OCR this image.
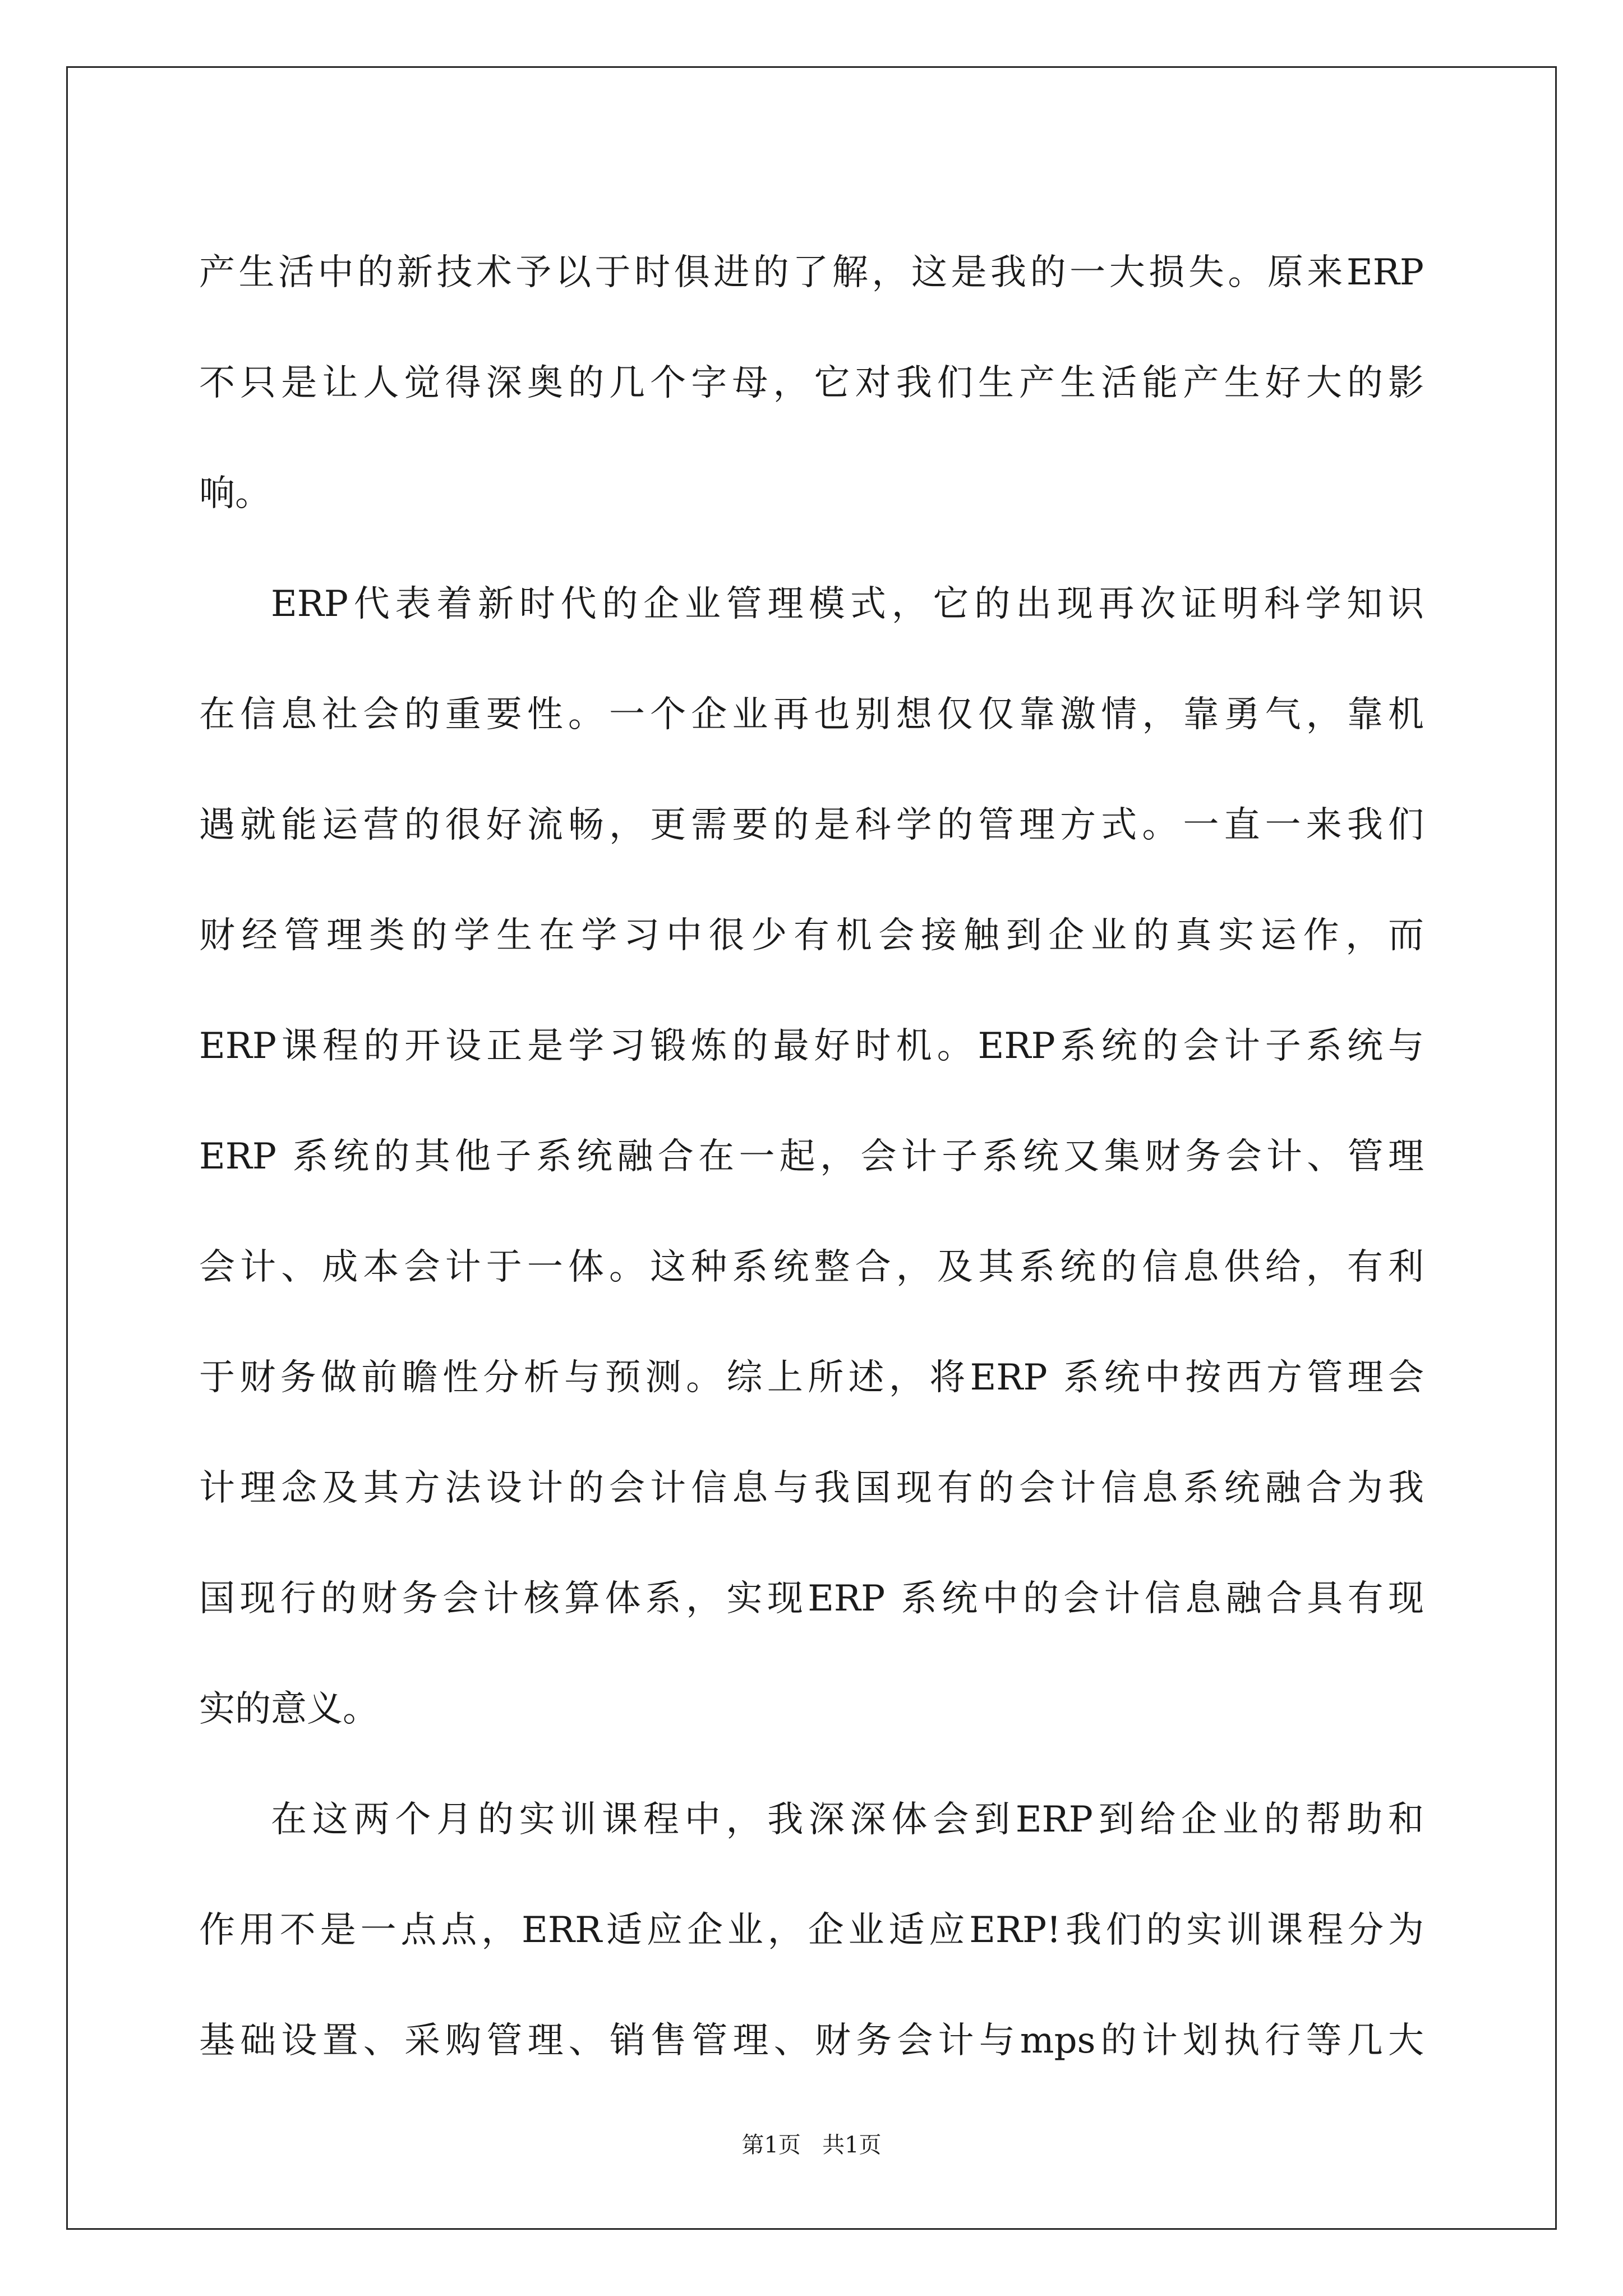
产生活中的新技术予以于时俱进的了解，这是我的一大损失。原来ERP
不只是让人觉得深奥的几个字母，它对我们生产生活能产生好大的影
响。
ERP代表着新时代的企业管理模式，它的出现再次证明科学知识
在信息社会的重要性。一个企业再也别想仅仅靠激情，靠勇气，靠机
遇就能运营的很好流畅，更需要的是科学的管理方式。一直一来我们
财经管理类的学生在学习中很少有机会接触到企业的真实运作，而
ERP课程的开设正是学习锻炼的最好时机。ERP系统的会计子系统与
ERP 系统的其他子系统融合在一起，会计子系统又集财务会计、管理
会计、成本会计于一体。这种系统整合，及其系统的信息供给，有利
于财务做前瞻性分析与预测。综上所述，将ERP 系统中按西方管理会
计理念及其方法设计的会计信息与我国现有的会计信息系统融合为我
国现行的财务会计核算体系，实现ERP 系统中的会计信息融合具有现
实的意义。
在这两个月的实训课程中，我深深体会到ERP到给企业的帮助和
作用不是一点点，ERR适应企业，企业适应ERP!我们的实训课程分为
基础设置、采购管理、销售管理、财务会计与mps的计划执行等几大
第1页 共1页
